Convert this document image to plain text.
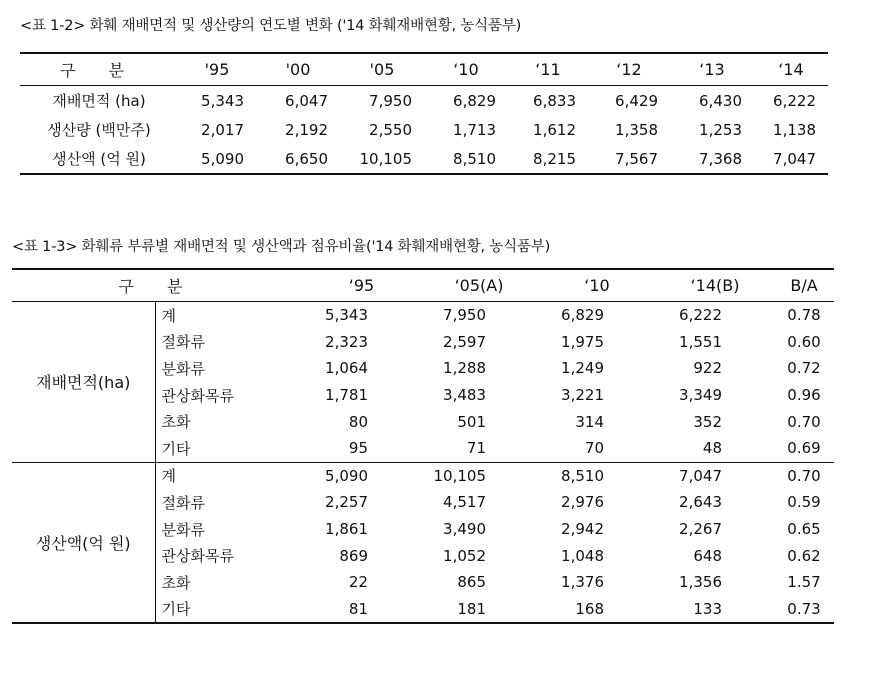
<표 1-2> 화훼 재배면적 및 생산량의 연도별 변화 ('14 화훼재배현황, 농식품부)
구 분	'95	'00	'05	‘10	‘11	‘12	‘13	‘14
재배면적 (ha)	5,343	6,047	7,950	6,829	6,833	6,429	6,430	6,222
생산량 (백만주)	2,017	2,192	2,550	1,713	1,612	1,358	1,253	1,138
생산액 (억 원)	5,090	6,650	10,105	8,510	8,215	7,567	7,368	7,047
<표 1-3> 화훼류 부류별 재배면적 및 생산액과 점유비율('14 화훼재배현황, 농식품부)
구 분		‘95	‘05(A)	‘10	‘14(B)	B/A
재배면적(ha)	계	5,343	7,950	6,829	6,222	0.78
	절화류	2,323	2,597	1,975	1,551	0.60
	분화류	1,064	1,288	1,249	922	0.72
	관상화목류	1,781	3,483	3,221	3,349	0.96
	초화	80	501	314	352	0.70
	기타	95	71	70	48	0.69
생산액(억 원)	계	5,090	10,105	8,510	7,047	0.70
	절화류	2,257	4,517	2,976	2,643	0.59
	분화류	1,861	3,490	2,942	2,267	0.65
	관상화목류	869	1,052	1,048	648	0.62
	초화	22	865	1,376	1,356	1.57
	기타	81	181	168	133	0.73
